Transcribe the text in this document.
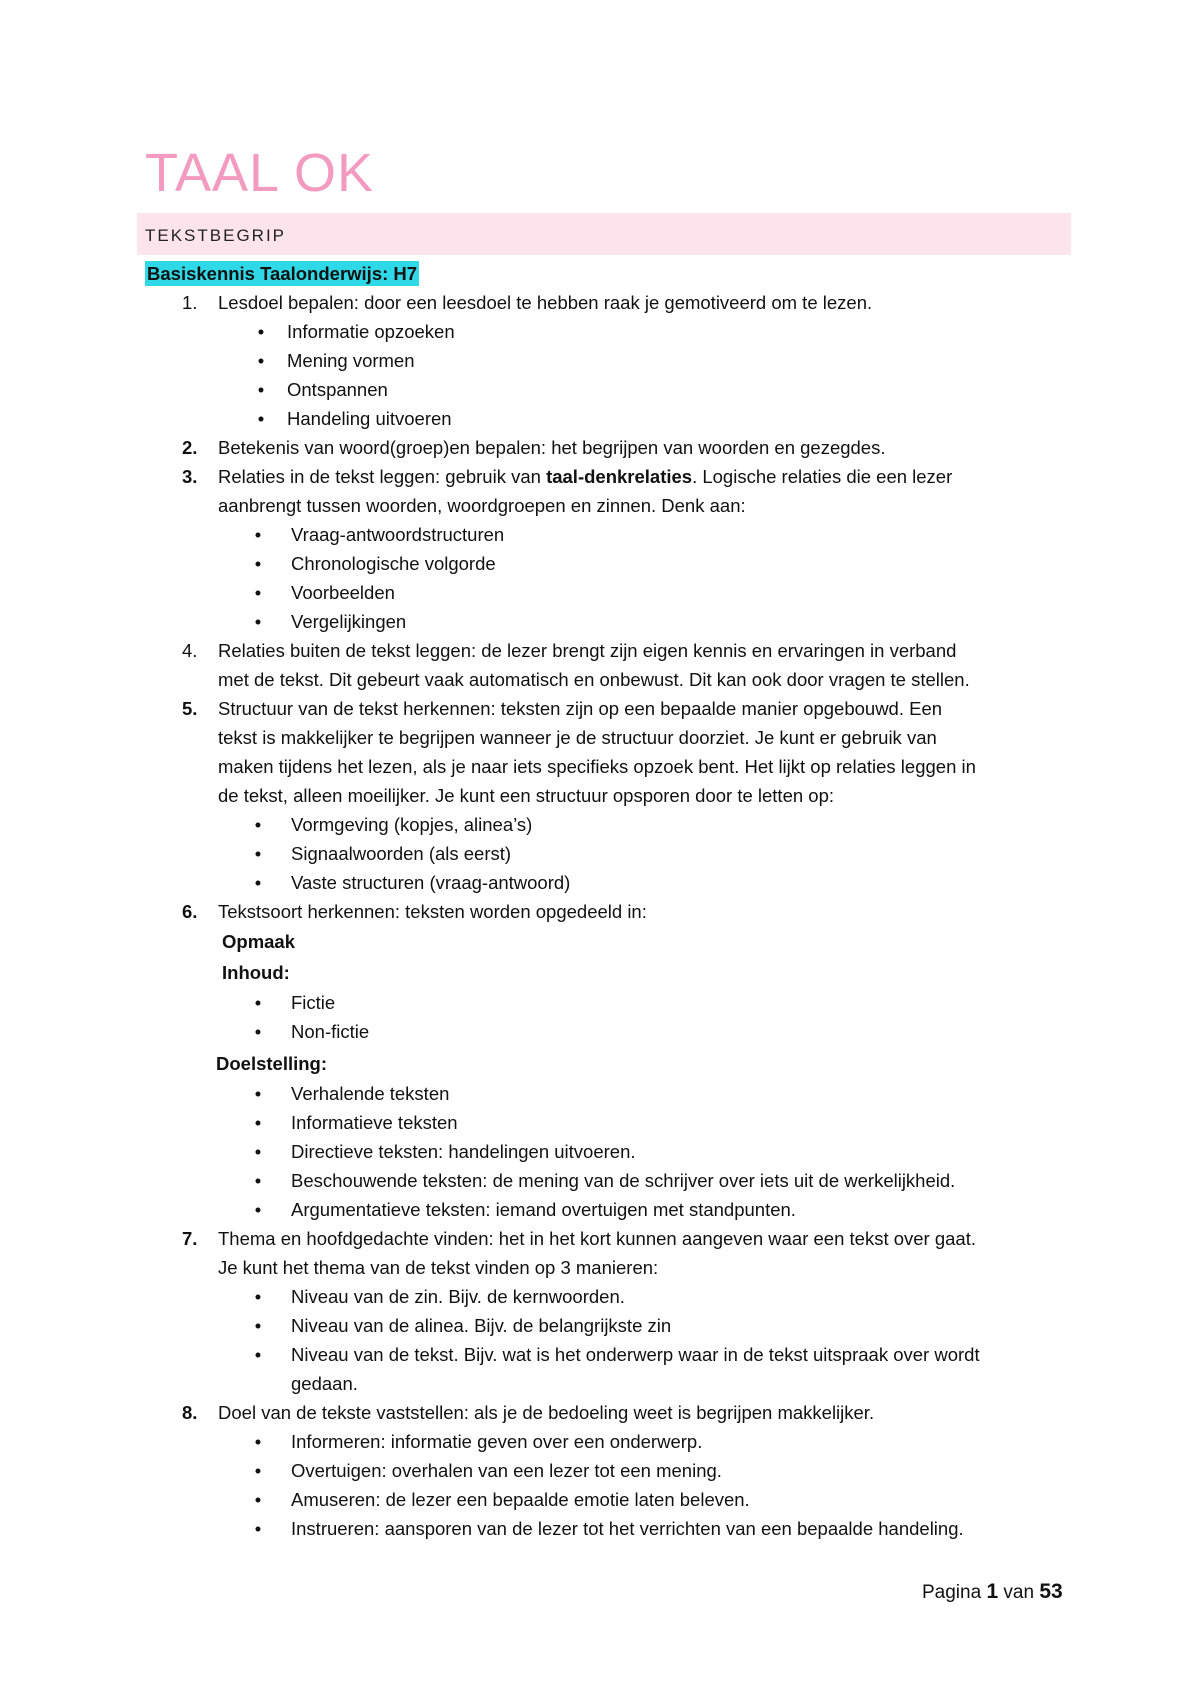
TAAL OK
TEKSTBEGRIP
Basiskennis Taalonderwijs: H7
1.	Lesdoel bepalen: door een leesdoel te hebben raak je gemotiveerd om te lezen.
• Informatie opzoeken
• Mening vormen
• Ontspannen
• Handeling uitvoeren
2.	Betekenis van woord(groep)en bepalen: het begrijpen van woorden en gezegdes.
3.	Relaties in de tekst leggen: gebruik van taal-denkrelaties. Logische relaties die een lezer
aanbrengt tussen woorden, woordgroepen en zinnen. Denk aan:
• Vraag-antwoordstructuren
• Chronologische volgorde
• Voorbeelden
• Vergelijkingen
4.	Relaties buiten de tekst leggen: de lezer brengt zijn eigen kennis en ervaringen in verband
met de tekst. Dit gebeurt vaak automatisch en onbewust. Dit kan ook door vragen te stellen.
5.	Structuur van de tekst herkennen: teksten zijn op een bepaalde manier opgebouwd. Een
tekst is makkelijker te begrijpen wanneer je de structuur doorziet. Je kunt er gebruik van
maken tijdens het lezen, als je naar iets specifieks opzoek bent. Het lijkt op relaties leggen in
de tekst, alleen moeilijker. Je kunt een structuur opsporen door te letten op:
• Vormgeving (kopjes, alinea’s)
• Signaalwoorden (als eerst)
• Vaste structuren (vraag-antwoord)
6.	Tekstsoort herkennen: teksten worden opgedeeld in:
Opmaak
Inhoud:
• Fictie
• Non-fictie
Doelstelling:
• Verhalende teksten
• Informatieve teksten
• Directieve teksten: handelingen uitvoeren.
• Beschouwende teksten: de mening van de schrijver over iets uit de werkelijkheid.
• Argumentatieve teksten: iemand overtuigen met standpunten.
7.	Thema en hoofdgedachte vinden: het in het kort kunnen aangeven waar een tekst over gaat.
Je kunt het thema van de tekst vinden op 3 manieren:
• Niveau van de zin. Bijv. de kernwoorden.
• Niveau van de alinea. Bijv. de belangrijkste zin
• Niveau van de tekst. Bijv. wat is het onderwerp waar in de tekst uitspraak over wordt
gedaan.
8.	Doel van de tekste vaststellen: als je de bedoeling weet is begrijpen makkelijker.
• Informeren: informatie geven over een onderwerp.
• Overtuigen: overhalen van een lezer tot een mening.
• Amuseren: de lezer een bepaalde emotie laten beleven.
• Instrueren: aansporen van de lezer tot het verrichten van een bepaalde handeling.
Pagina 1 van 53
